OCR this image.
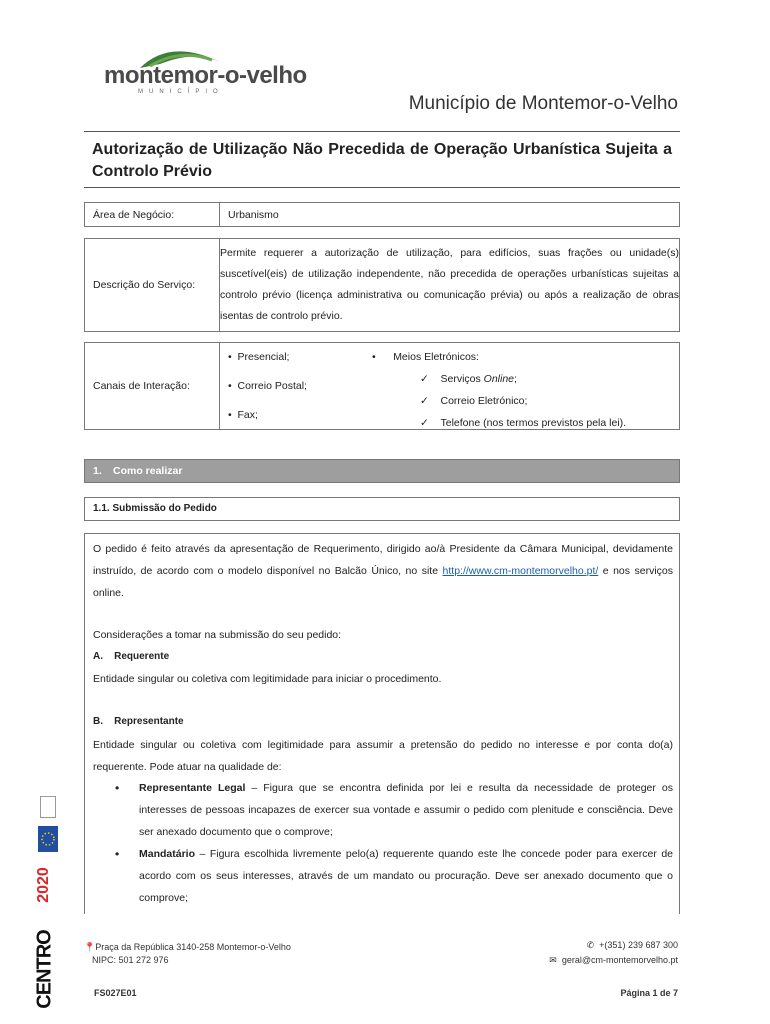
montemor-o-velho
MUNICÍPIO
Município de Montemor-o-Velho
Autorização de Utilização Não Precedida de Operação Urbanística Sujeita a Controlo Prévio
Área de Negócio:	Urbanismo
Descrição do Serviço:	Permite requerer a autorização de utilização, para edifícios, suas frações ou unidade(s) suscetível(eis) de utilização independente, não precedida de operações urbanísticas sujeitas a controlo prévio (licença administrativa ou comunicação prévia) ou após a realização de obras isentas de controlo prévio.
Canais de Interação:	
•  Presencial;
•  Correio Postal;
•  Fax;
•      Meios Eletrónicos:
✓ Serviços Online;
✓ Correio Eletrónico;
✓ Telefone (nos termos previstos pela lei).
1. Como realizar
1.1. Submissão do Pedido
O pedido é feito através da apresentação de Requerimento, dirigido ao/à Presidente da Câmara Municipal, devidamente instruído, de acordo com o modelo disponível no Balcão Único, no site http://www.cm-montemorvelho.pt/ e nos serviços online.
Considerações a tomar na submissão do seu pedido:
A. Requerente
Entidade singular ou coletiva com legitimidade para iniciar o procedimento.
B. Representante
Entidade singular ou coletiva com legitimidade para assumir a pretensão do pedido no interesse e por conta do(a) requerente. Pode atuar na qualidade de:
• Representante Legal – Figura que se encontra definida por lei e resulta da necessidade de proteger os interesses de pessoas incapazes de exercer sua vontade e assumir o pedido com plenitude e consciência. Deve ser anexado documento que o comprove;
• Mandatário – Figura escolhida livremente pelo(a) requerente quando este lhe concede poder para exercer de acordo com os seus interesses, através de um mandato ou procuração. Deve ser anexado documento que o comprove;
CENTRO
2020
📍Praça da República 3140-258 Montemor-o-Velho
NIPC: 501 272 976
✆ +(351) 239 687 300
✉ geral@cm-montemorvelho.pt
FS027E01	Página 1 de 7
